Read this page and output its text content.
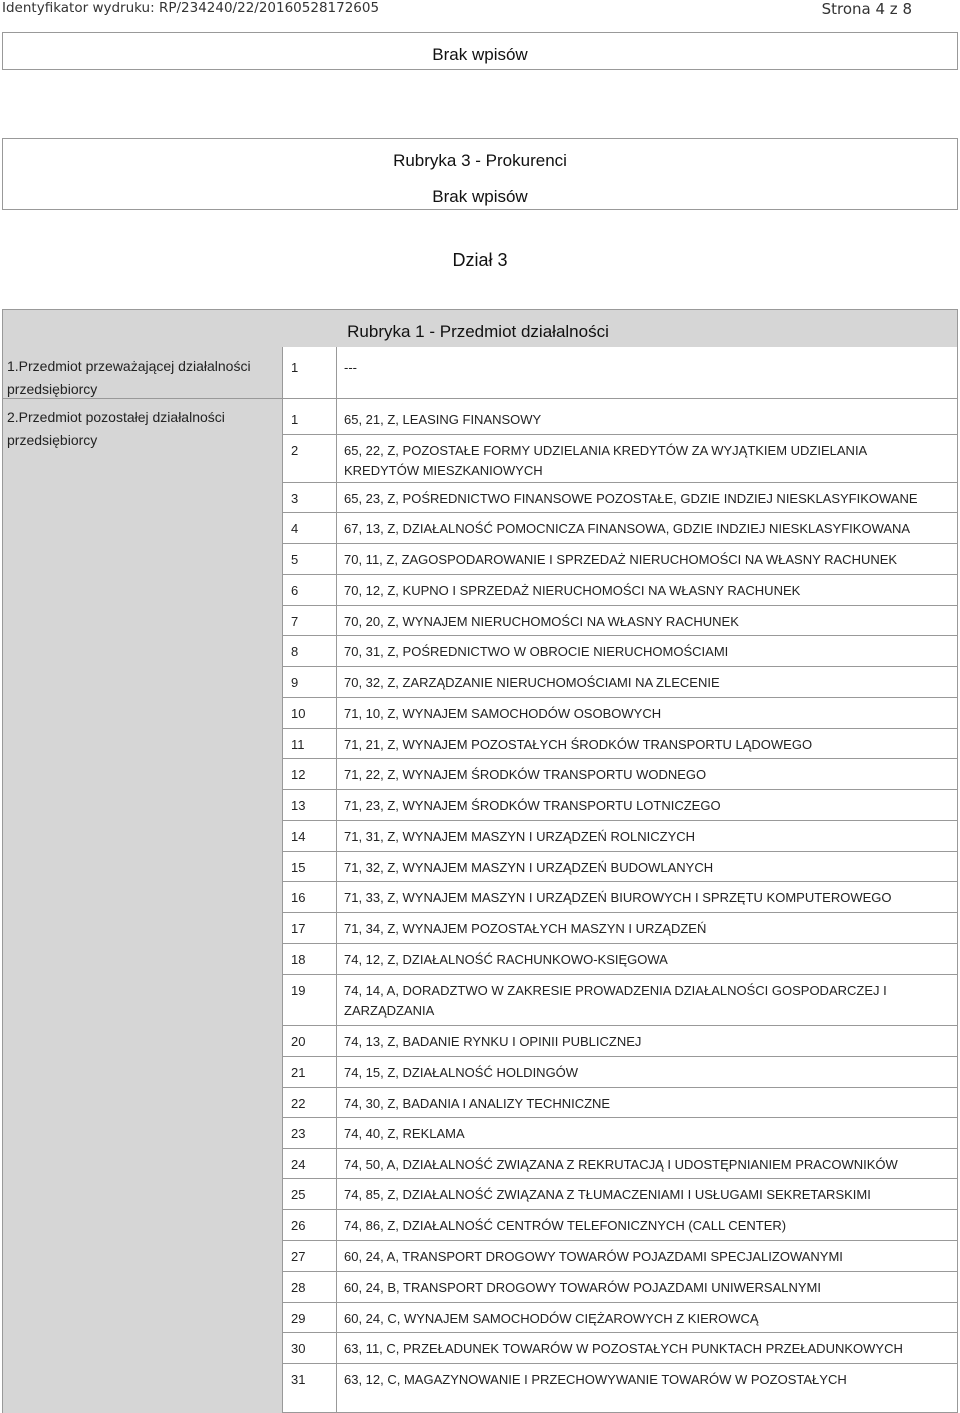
Identyfikator wydruku: RP/234240/22/20160528172605	Strona 4 z 8
Brak wpisów
Rubryka 3 - Prokurenci
Brak wpisów
Dział 3
Rubryka 1 - Przedmiot działalności
1.Przedmiot przeważającej działalności przedsiębiorcy
1	---
2.Przedmiot pozostałej działalności przedsiębiorcy
1	65, 21, Z, LEASING FINANSOWY
2	65, 22, Z, POZOSTAŁE FORMY UDZIELANIA KREDYTÓW ZA WYJĄTKIEM UDZIELANIA KREDYTÓW MIESZKANIOWYCH
3	65, 23, Z, POŚREDNICTWO FINANSOWE POZOSTAŁE, GDZIE INDZIEJ NIESKLASYFIKOWANE
4	67, 13, Z, DZIAŁALNOŚĆ POMOCNICZA FINANSOWA, GDZIE INDZIEJ NIESKLASYFIKOWANA
5	70, 11, Z, ZAGOSPODAROWANIE I SPRZEDAŻ NIERUCHOMOŚCI NA WŁASNY RACHUNEK
6	70, 12, Z, KUPNO I SPRZEDAŻ NIERUCHOMOŚCI NA WŁASNY RACHUNEK
7	70, 20, Z, WYNAJEM NIERUCHOMOŚCI NA WŁASNY RACHUNEK
8	70, 31, Z, POŚREDNICTWO W OBROCIE NIERUCHOMOŚCIAMI
9	70, 32, Z, ZARZĄDZANIE NIERUCHOMOŚCIAMI NA ZLECENIE
10	71, 10, Z, WYNAJEM SAMOCHODÓW OSOBOWYCH
11	71, 21, Z, WYNAJEM POZOSTAŁYCH ŚRODKÓW TRANSPORTU LĄDOWEGO
12	71, 22, Z, WYNAJEM ŚRODKÓW TRANSPORTU WODNEGO
13	71, 23, Z, WYNAJEM ŚRODKÓW TRANSPORTU LOTNICZEGO
14	71, 31, Z, WYNAJEM MASZYN I URZĄDZEŃ ROLNICZYCH
15	71, 32, Z, WYNAJEM MASZYN I URZĄDZEŃ BUDOWLANYCH
16	71, 33, Z, WYNAJEM MASZYN I URZĄDZEŃ BIUROWYCH I SPRZĘTU KOMPUTEROWEGO
17	71, 34, Z, WYNAJEM POZOSTAŁYCH MASZYN I URZĄDZEŃ
18	74, 12, Z, DZIAŁALNOŚĆ RACHUNKOWO-KSIĘGOWA
19	74, 14, A, DORADZTWO W ZAKRESIE PROWADZENIA DZIAŁALNOŚCI GOSPODARCZEJ I ZARZĄDZANIA
20	74, 13, Z, BADANIE RYNKU I OPINII PUBLICZNEJ
21	74, 15, Z, DZIAŁALNOŚĆ HOLDINGÓW
22	74, 30, Z, BADANIA I ANALIZY TECHNICZNE
23	74, 40, Z, REKLAMA
24	74, 50, A, DZIAŁALNOŚĆ ZWIĄZANA Z REKRUTACJĄ I UDOSTĘPNIANIEM PRACOWNIKÓW
25	74, 85, Z, DZIAŁALNOŚĆ ZWIĄZANA Z TŁUMACZENIAMI I USŁUGAMI SEKRETARSKIMI
26	74, 86, Z, DZIAŁALNOŚĆ CENTRÓW TELEFONICZNYCH (CALL CENTER)
27	60, 24, A, TRANSPORT DROGOWY TOWARÓW POJAZDAMI SPECJALIZOWANYMI
28	60, 24, B, TRANSPORT DROGOWY TOWARÓW POJAZDAMI UNIWERSALNYMI
29	60, 24, C, WYNAJEM SAMOCHODÓW CIĘŻAROWYCH Z KIEROWCĄ
30	63, 11, C, PRZEŁADUNEK TOWARÓW W POZOSTAŁYCH PUNKTACH PRZEŁADUNKOWYCH
31	63, 12, C, MAGAZYNOWANIE I PRZECHOWYWANIE TOWARÓW W POZOSTAŁYCH
